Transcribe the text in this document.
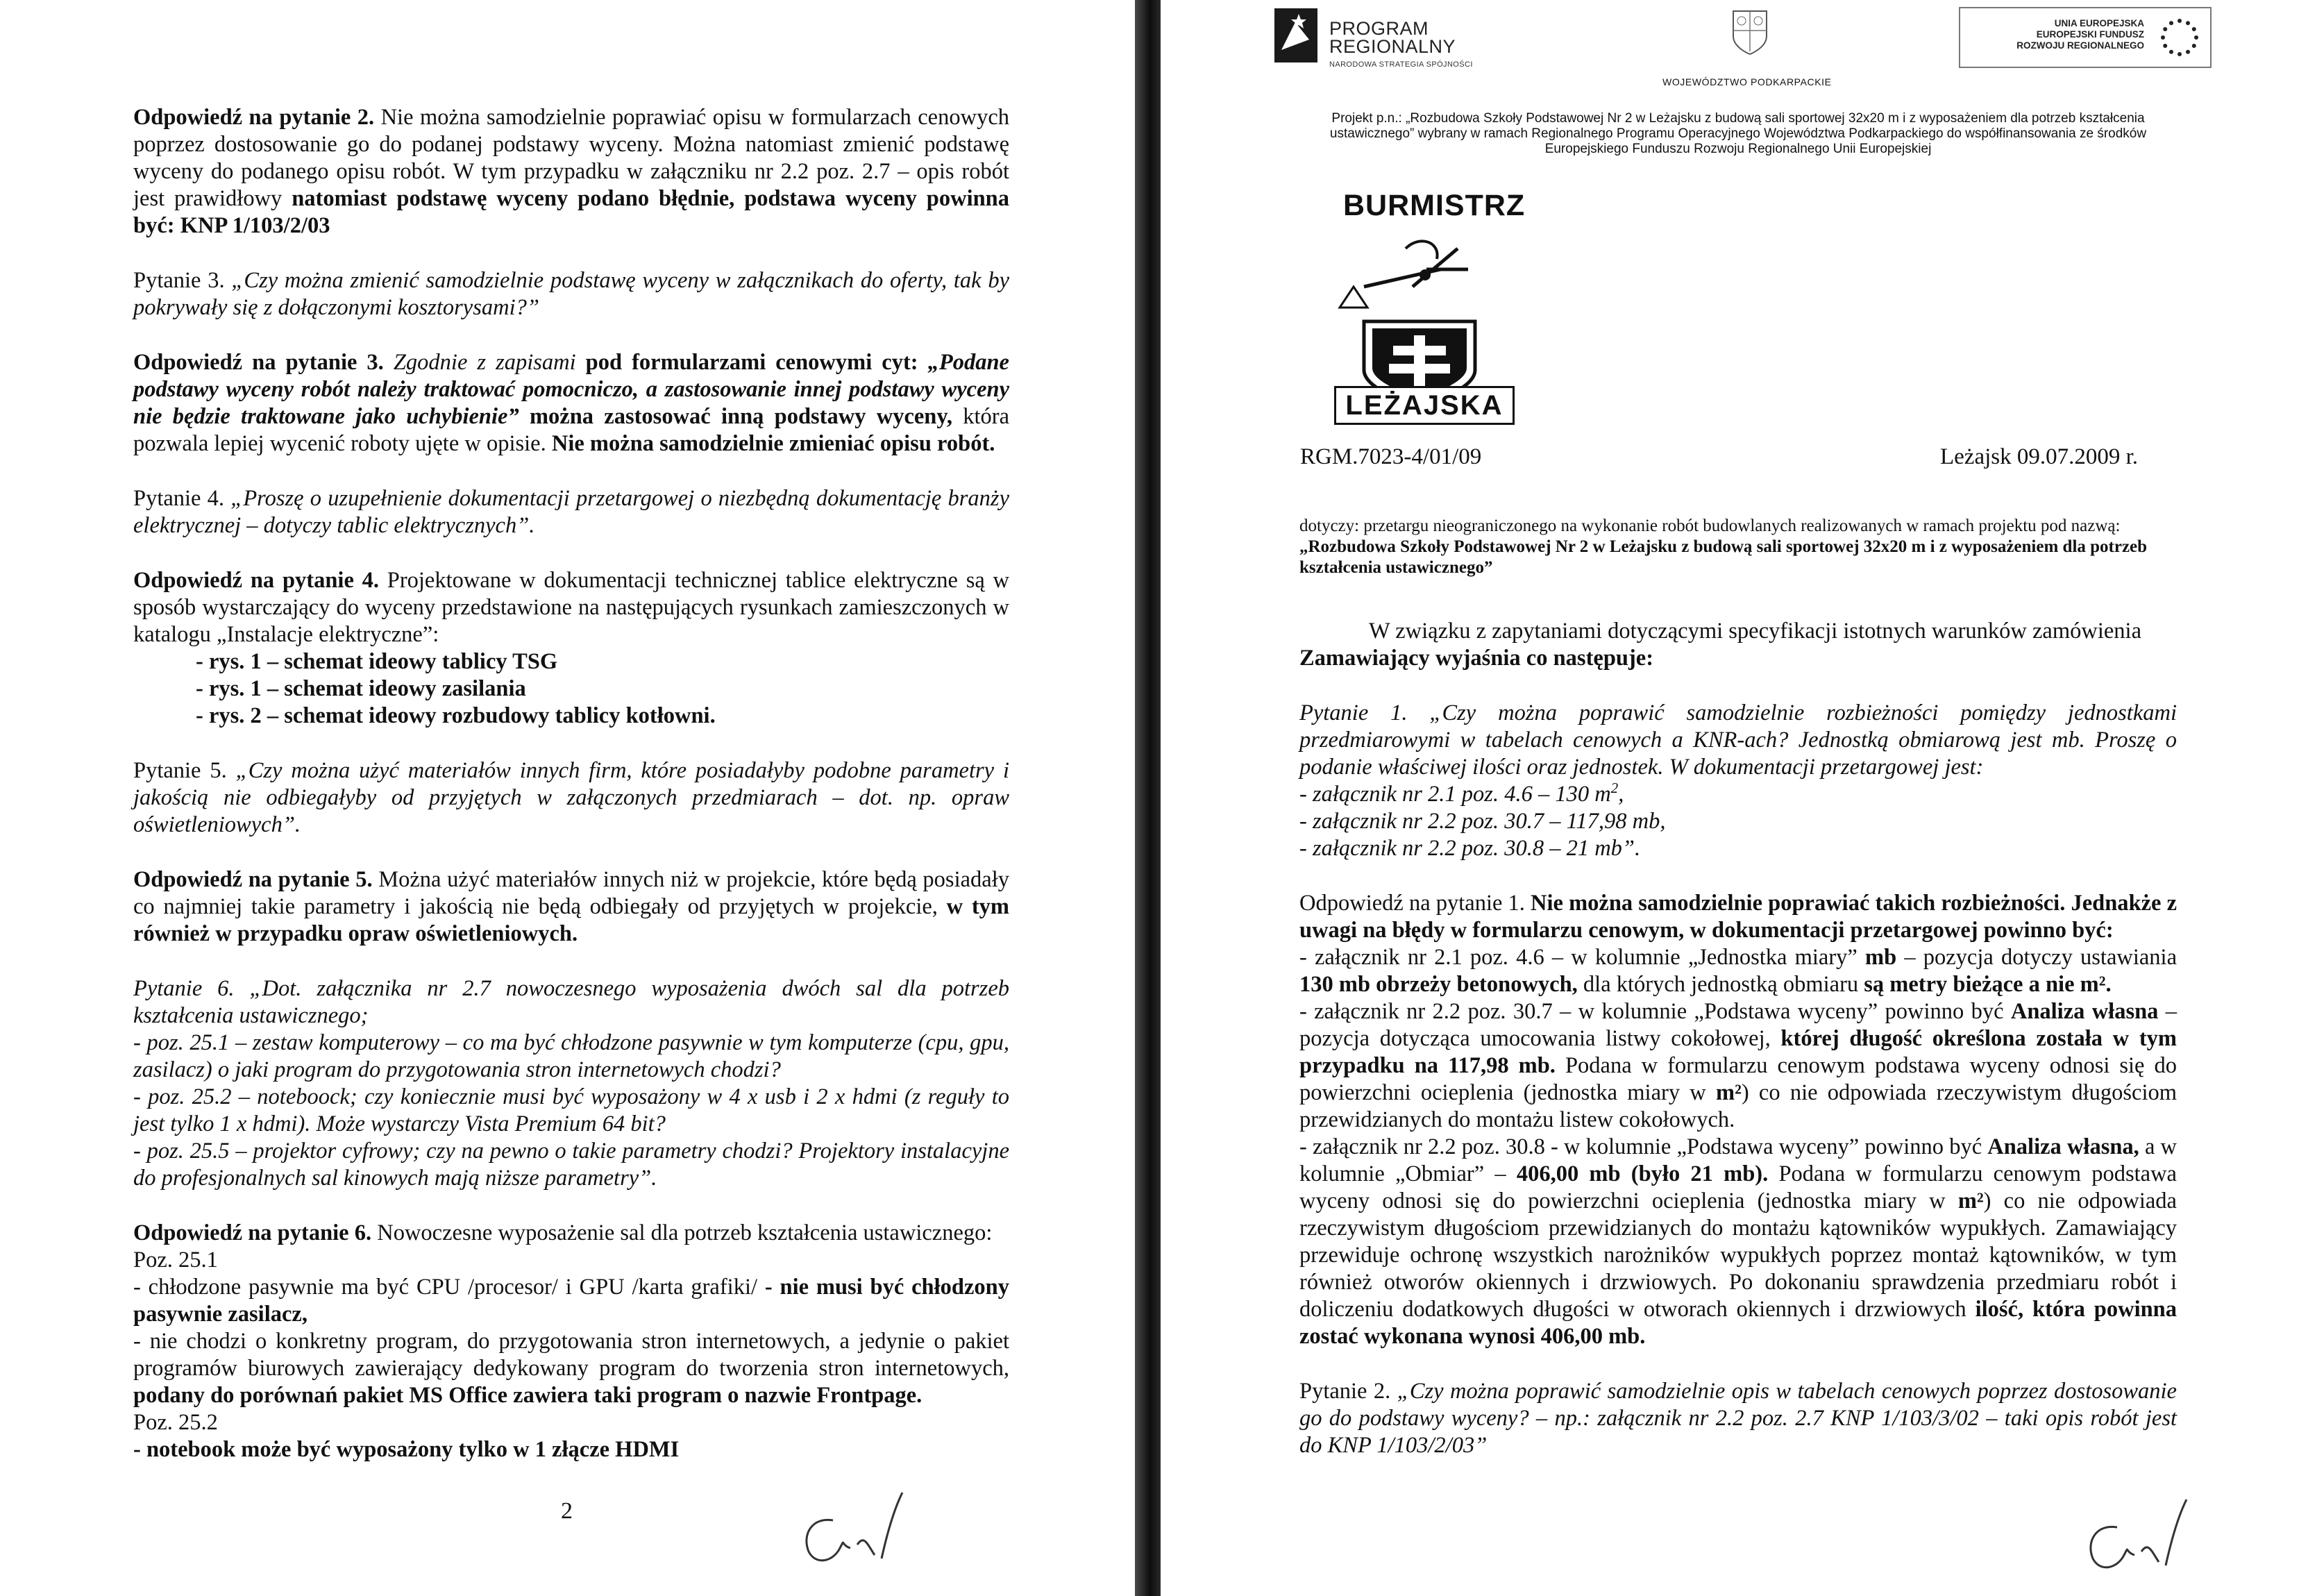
Odpowiedź na pytanie 2. Nie można samodzielnie poprawiać opisu w formularzach cenowych poprzez dostosowanie go do podanej podstawy wyceny. Można natomiast zmienić podstawę wyceny do podanego opisu robót. W tym przypadku w załączniku nr 2.2 poz. 2.7 – opis robót jest prawidłowy natomiast podstawę wyceny podano błędnie, podstawa wyceny powinna być: KNP 1/103/2/03

Pytanie 3. „Czy można zmienić samodzielnie podstawę wyceny w załącznikach do oferty, tak by pokrywały się z dołączonymi kosztorysami?”

Odpowiedź na pytanie 3. Zgodnie z zapisami pod formularzami cenowymi cyt: „Podane podstawy wyceny robót należy traktować pomocniczo, a zastosowanie innej podstawy wyceny nie będzie traktowane jako uchybienie” można zastosować inną podstawy wyceny, która pozwala lepiej wycenić roboty ujęte w opisie. Nie można samodzielnie zmieniać opisu robót.

Pytanie 4. „Proszę o uzupełnienie dokumentacji przetargowej o niezbędną dokumentację branży elektrycznej – dotyczy tablic elektrycznych”.

Odpowiedź na pytanie 4. Projektowane w dokumentacji technicznej tablice elektryczne są w sposób wystarczający do wyceny przedstawione na następujących rysunkach zamieszczonych w katalogu „Instalacje elektryczne”:

- rys. 1 – schemat ideowy tablicy TSG

- rys. 1 – schemat ideowy zasilania

- rys. 2 – schemat ideowy rozbudowy tablicy kotłowni.

Pytanie 5. „Czy można użyć materiałów innych firm, które posiadałyby podobne parametry i jakością nie odbiegałyby od przyjętych w załączonych przedmiarach – dot. np. opraw oświetleniowych”.

Odpowiedź na pytanie 5. Można użyć materiałów innych niż w projekcie, które będą posiadały co najmniej takie parametry i jakością nie będą odbiegały od przyjętych w projekcie, w tym również w przypadku opraw oświetleniowych.

Pytanie 6. „Dot. załącznika nr 2.7 nowoczesnego wyposażenia dwóch sal dla potrzeb kształcenia ustawicznego;

- poz. 25.1 – zestaw komputerowy – co ma być chłodzone pasywnie w tym komputerze (cpu, gpu, zasilacz) o jaki program do przygotowania stron internetowych chodzi?

- poz. 25.2 – noteboock; czy koniecznie musi być wyposażony w 4 x usb i 2 x hdmi (z reguły to jest tylko 1 x hdmi). Może wystarczy Vista Premium 64 bit?

- poz. 25.5 – projektor cyfrowy; czy na pewno o takie parametry chodzi? Projektory instalacyjne do profesjonalnych sal kinowych mają niższe parametry”.

Odpowiedź na pytanie 6. Nowoczesne wyposażenie sal dla potrzeb kształcenia ustawicznego:

Poz. 25.1

- chłodzone pasywnie ma być CPU /procesor/ i GPU /karta grafiki/ - nie musi być chłodzony pasywnie zasilacz,

- nie chodzi o konkretny program, do przygotowania stron internetowych, a jedynie o pakiet programów biurowych zawierający dedykowany program do tworzenia stron internetowych, podany do porównań pakiet MS Office zawiera taki program o nazwie Frontpage.

Poz. 25.2

- notebook może być wyposażony tylko w 1 złącze HDMI

2
PROGRAM
REGIONALNY
NARODOWA STRATEGIA SPÓJNOŚCI
WOJEWÓDZTWO PODKARPACKIE
UNIA EUROPEJSKA
EUROPEJSKI FUNDUSZ
ROZWOJU REGIONALNEGO
Projekt p.n.: „Rozbudowa Szkoły Podstawowej Nr 2 w Leżajsku z budową sali sportowej 32x20 m i z wyposażeniem dla potrzeb kształcenia ustawicznego” wybrany w ramach Regionalnego Programu Operacyjnego Województwa Podkarpackiego do współfinansowania ze środków Europejskiego Funduszu Rozwoju Regionalnego Unii Europejskiej
BURMISTRZ
LEŻAJSKA
RGM.7023-4/01/09	Leżajsk 09.07.2009 r.

dotyczy: przetargu nieograniczonego na wykonanie robót budowlanych realizowanych w ramach projektu pod nazwą: „Rozbudowa Szkoły Podstawowej Nr 2 w Leżajsku z budową sali sportowej 32x20 m i z wyposażeniem dla potrzeb kształcenia ustawicznego”

W związku z zapytaniami dotyczącymi specyfikacji istotnych warunków zamówienia

Zamawiający wyjaśnia co następuje:

Pytanie 1. „Czy można poprawić samodzielnie rozbieżności pomiędzy jednostkami przedmiarowymi w tabelach cenowych a KNR-ach? Jednostką obmiarową jest mb. Proszę o podanie właściwej ilości oraz jednostek. W dokumentacji przetargowej jest:

- załącznik nr 2.1 poz. 4.6 – 130 $m^2$,

- załącznik nr 2.2 poz. 30.7 – 117,98 mb,

- załącznik nr 2.2 poz. 30.8 – 21 mb”.

Odpowiedź na pytanie 1. Nie można samodzielnie poprawiać takich rozbieżności. Jednakże z uwagi na błędy w formularzu cenowym, w dokumentacji przetargowej powinno być:

- załącznik nr 2.1 poz. 4.6 – w kolumnie „Jednostka miary” mb – pozycja dotyczy ustawiania 130 mb obrzeży betonowych, dla których jednostką obmiaru są metry bieżące a nie m².

- załącznik nr 2.2 poz. 30.7 – w kolumnie „Podstawa wyceny” powinno być Analiza własna – pozycja dotycząca umocowania listwy cokołowej, której długość określona została w tym przypadku na 117,98 mb. Podana w formularzu cenowym podstawa wyceny odnosi się do powierzchni ocieplenia (jednostka miary w m²) co nie odpowiada rzeczywistym długościom przewidzianych do montażu listew cokołowych.

- załącznik nr 2.2 poz. 30.8 - w kolumnie „Podstawa wyceny” powinno być Analiza własna, a w kolumnie „Obmiar” – 406,00 mb (było 21 mb). Podana w formularzu cenowym podstawa wyceny odnosi się do powierzchni ocieplenia (jednostka miary w m²) co nie odpowiada rzeczywistym długościom przewidzianych do montażu kątowników wypukłych. Zamawiający przewiduje ochronę wszystkich narożników wypukłych poprzez montaż kątowników, w tym również otworów okiennych i drzwiowych. Po dokonaniu sprawdzenia przedmiaru robót i doliczeniu dodatkowych długości w otworach okiennych i drzwiowych ilość, która powinna zostać wykonana wynosi 406,00 mb.

Pytanie 2. „Czy można poprawić samodzielnie opis w tabelach cenowych poprzez dostosowanie go do podstawy wyceny? – np.: załącznik nr 2.2 poz. 2.7 KNP 1/103/3/02 – taki opis robót jest do KNP 1/103/2/03”
